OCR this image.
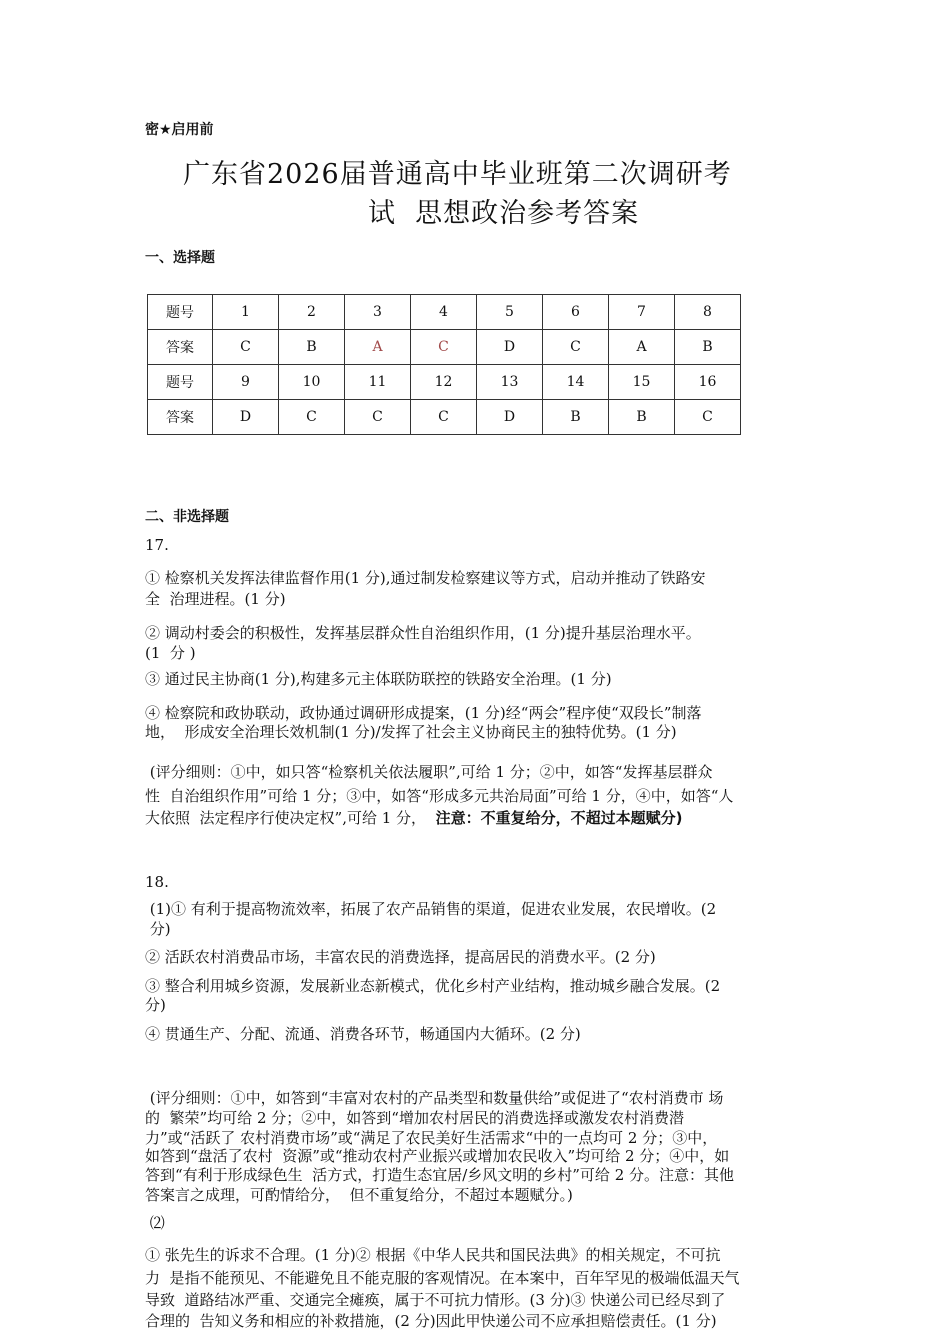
密★启用前
广东省2026届普通高中毕业班第二次调研考
试  思想政治参考答案
一、选择题
题号	1	2	3	4	5	6	7	8
答案	C	B	A	C	D	C	A	B
题号	9	10	11	12	13	14	15	16
答案	D	C	C	C	D	B	B	C
二、非选择题
17.
① 检察机关发挥法律监督作用(1 分),通过制发检察建议等方式，启动并推动了铁路安
全  治理进程。(1 分)
② 调动村委会的积极性，发挥基层群众性自治组织作用，(1 分)提升基层治理水平。
(1  分 )
③ 通过民主协商(1 分),构建多元主体联防联控的铁路安全治理。(1 分)
④ 检察院和政协联动，政协通过调研形成提案，(1 分)经“两会”程序使“双段长”制落
地，  形成安全治理长效机制(1 分)/发挥了社会主义协商民主的独特优势。(1 分)
(评分细则：①中，如只答“检察机关依法履职”,可给 1 分；②中，如答“发挥基层群众
性  自治组织作用”可给 1 分；③中，如答“形成多元共治局面”可给 1 分，④中，如答“人
大依照  法定程序行使决定权”,可给 1 分，  注意：不重复给分，不超过本题赋分)
18.
(1)① 有利于提高物流效率，拓展了农产品销售的渠道，促进农业发展，农民增收。(2
分)
② 活跃农村消费品市场，丰富农民的消费选择，提高居民的消费水平。(2 分)
③ 整合利用城乡资源，发展新业态新模式，优化乡村产业结构，推动城乡融合发展。(2
分)
④ 贯通生产、分配、流通、消费各环节，畅通国内大循环。(2 分)
(评分细则：①中，如答到“丰富对农村的产品类型和数量供给”或促进了“农村消费市 场
的  繁荣”均可给 2 分；②中，如答到“增加农村居民的消费选择或激发农村消费潜
力”或“活跃了 农村消费市场”或“满足了农民美好生活需求“中的一点均可 2 分；③中，
如答到“盘活了农村  资源”或“推动农村产业振兴或增加农民收入”均可给 2 分；④中，如
答到“有利于形成绿色生  活方式，打造生态宜居/乡风文明的乡村”可给 2 分。注意：其他
答案言之成理，可酌情给分，  但不重复给分，不超过本题赋分。)
⑵
① 张先生的诉求不合理。(1 分)② 根据《中华人民共和国民法典》的相关规定，不可抗
力  是指不能预见、不能避免且不能克服的客观情况。在本案中，百年罕见的极端低温天气
导致  道路结冰严重、交通完全瘫痪，属于不可抗力情形。(3 分)③ 快递公司已经尽到了
合理的  告知义务和相应的补救措施，(2 分)因此甲快递公司不应承担赔偿责任。(1 分)
